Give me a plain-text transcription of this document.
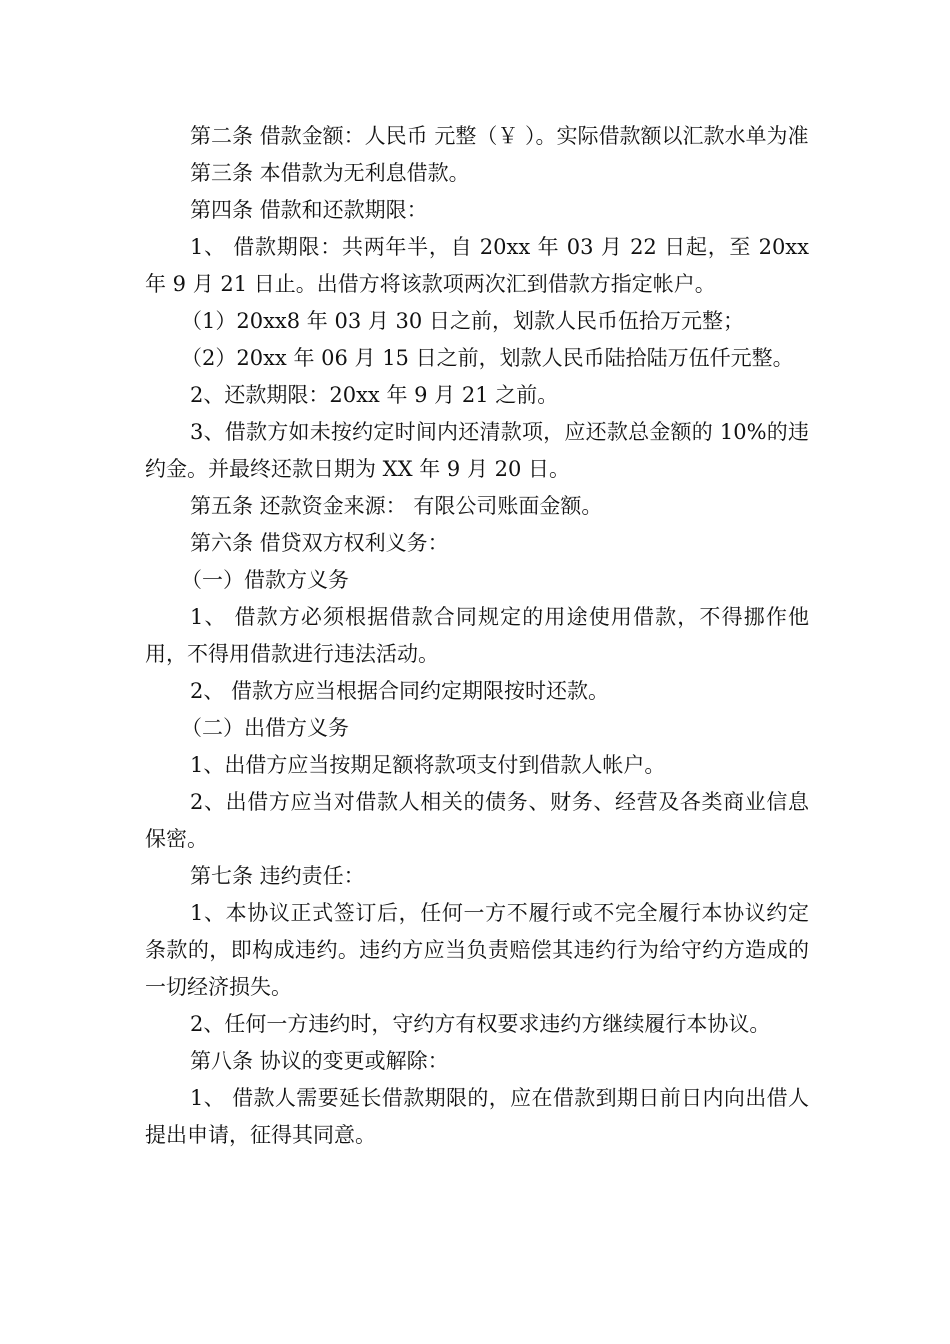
第二条 借款金额：人民币 元整（￥ ）。实际借款额以汇款水单为准

第三条 本借款为无利息借款。

第四条 借款和还款期限：

1、 借款期限：共两年半，自 20xx 年 03 月 22 日起，至 20xx 年 9 月 21 日止。出借方将该款项两次汇到借款方指定帐户。

（1）20xx8 年 03 月 30 日之前，划款人民币伍拾万元整；

（2）20xx 年 06 月 15 日之前，划款人民币陆拾陆万伍仟元整。

2、还款期限：20xx 年 9 月 21 之前。

3、借款方如未按约定时间内还清款项，应还款总金额的 10%的违约金。并最终还款日期为 XX 年 9 月 20 日。

第五条 还款资金来源： 有限公司账面金额。

第六条 借贷双方权利义务：

（一）借款方义务

1、 借款方必须根据借款合同规定的用途使用借款，不得挪作他用，不得用借款进行违法活动。

2、 借款方应当根据合同约定期限按时还款。

（二）出借方义务

1、出借方应当按期足额将款项支付到借款人帐户。

2、出借方应当对借款人相关的债务、财务、经营及各类商业信息保密。

第七条 违约责任：

1、本协议正式签订后，任何一方不履行或不完全履行本协议约定条款的，即构成违约。违约方应当负责赔偿其违约行为给守约方造成的一切经济损失。

2、任何一方违约时，守约方有权要求违约方继续履行本协议。

第八条 协议的变更或解除：

1、 借款人需要延长借款期限的，应在借款到期日前日内向出借人提出申请，征得其同意。
